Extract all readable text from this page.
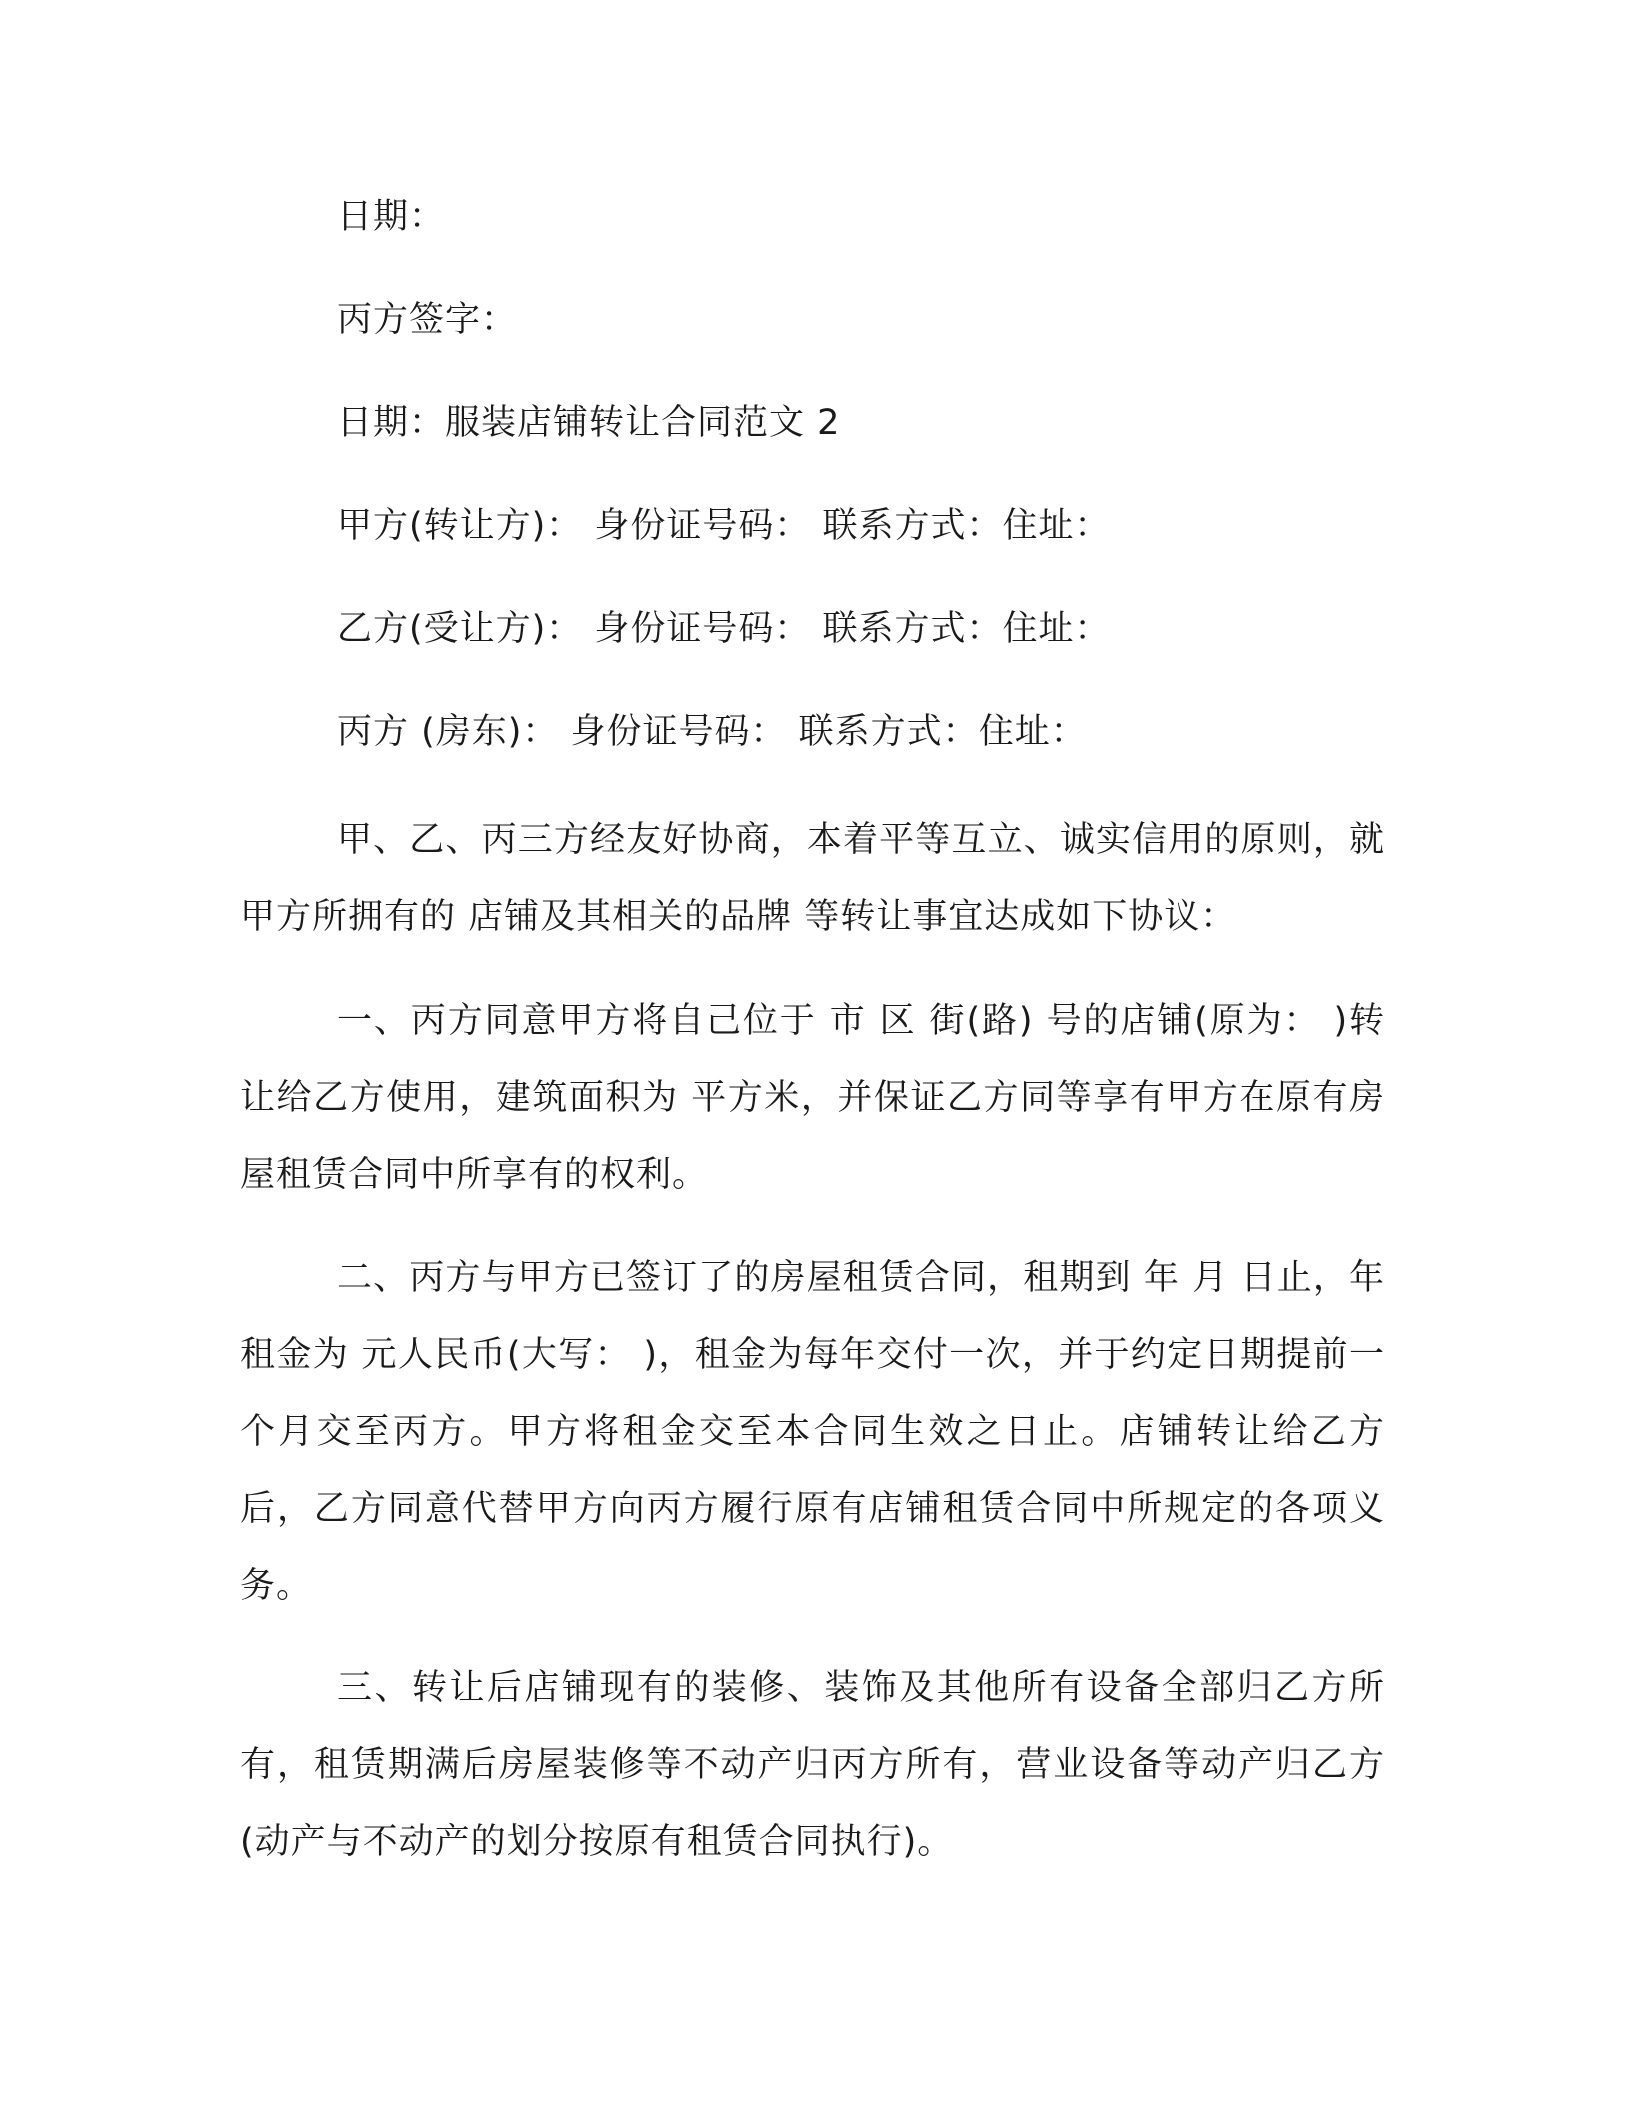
日期：
丙方签字：
日期：服装店铺转让合同范文 2
甲方(转让方)： 身份证号码： 联系方式：住址：
乙方(受让方)： 身份证号码： 联系方式：住址：
丙方 (房东)： 身份证号码： 联系方式：住址：
甲、乙、丙三方经友好协商，本着平等互立、诚实信用的原则，就甲方所拥有的 店铺及其相关的品牌 等转让事宜达成如下协议：
一、丙方同意甲方将自己位于 市 区 街(路) 号的店铺(原为： )转让给乙方使用，建筑面积为 平方米，并保证乙方同等享有甲方在原有房屋租赁合同中所享有的权利。
二、丙方与甲方已签订了的房屋租赁合同，租期到 年 月 日止，年租金为 元人民币(大写： )，租金为每年交付一次，并于约定日期提前一个月交至丙方。甲方将租金交至本合同生效之日止。店铺转让给乙方后，乙方同意代替甲方向丙方履行原有店铺租赁合同中所规定的各项义务。
三、转让后店铺现有的装修、装饰及其他所有设备全部归乙方所有，租赁期满后房屋装修等不动产归丙方所有，营业设备等动产归乙方(动产与不动产的划分按原有租赁合同执行)。
